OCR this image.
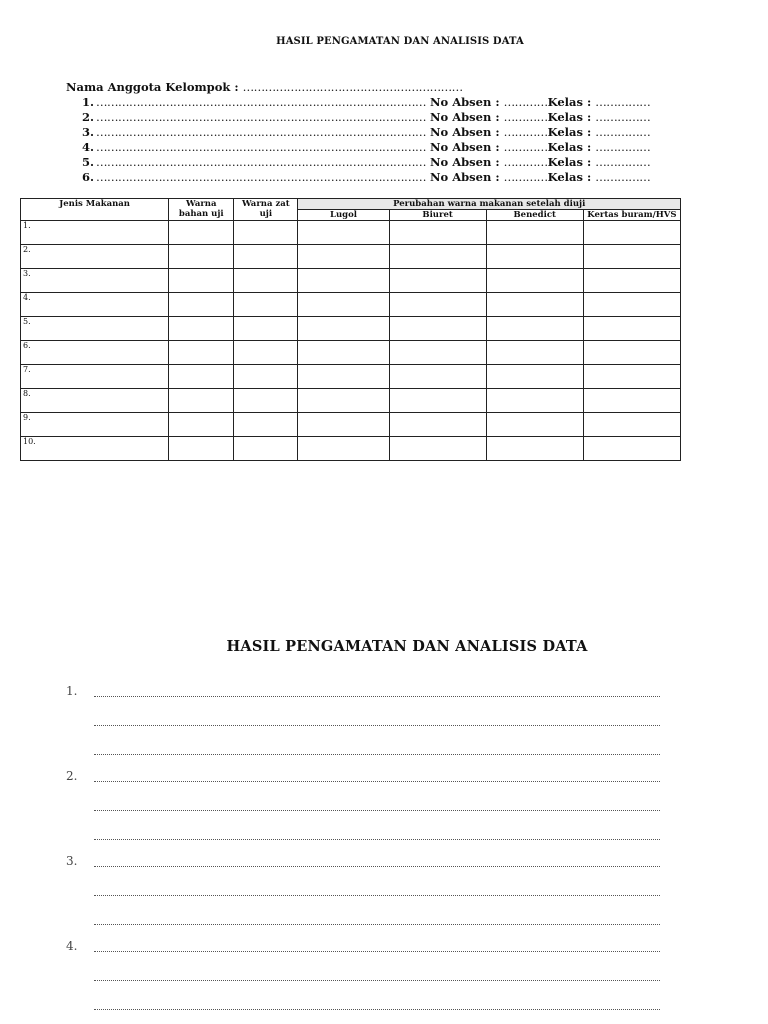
HASIL PENGAMATAN DAN ANALISIS DATA
Nama Anggota Kelompok : ……………………………………………………
1. ……………………………………………………………………………… No Absen : …………Kelas : ……………
2. ……………………………………………………………………………… No Absen : …………Kelas : ……………
3. ……………………………………………………………………………… No Absen : …………Kelas : ……………
4. ……………………………………………………………………………… No Absen : …………Kelas : ……………
5. ……………………………………………………………………………… No Absen : …………Kelas : ……………
6. ……………………………………………………………………………… No Absen : …………Kelas : ……………
Jenis Makanan	Warna bahan uji	Warna zat uji	Perubahan warna makanan setelah diuji			
			Lugol	Biuret	Benedict	Kertas buram/HVS
1.						
2.						
3.						
4.						
5.						
6.						
7.						
8.						
9.						
10.						
HASIL PENGAMATAN DAN ANALISIS DATA
1.
2.
3.
4.
